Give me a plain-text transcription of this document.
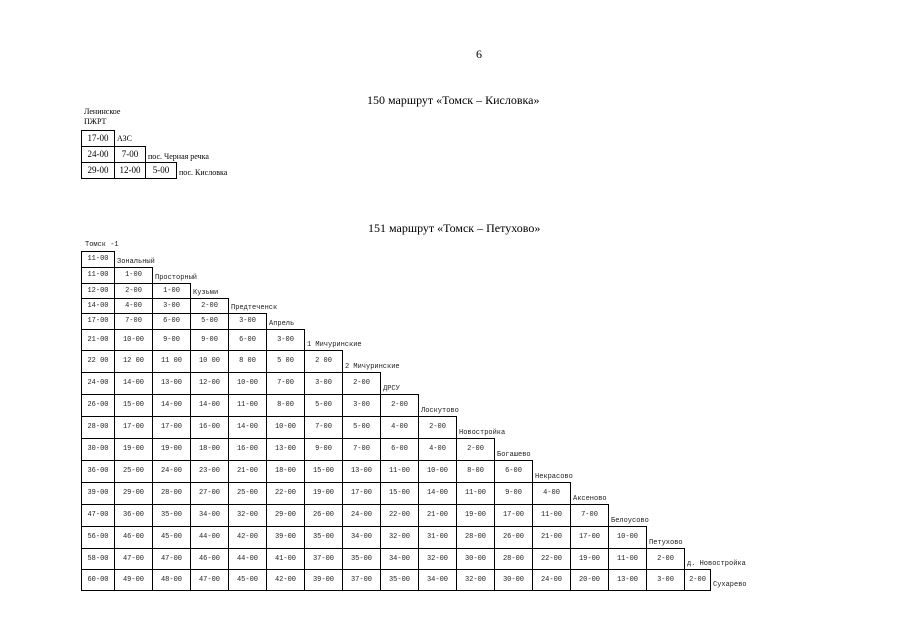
6
150 маршрут «Томск – Кисловка»
Ленинское
ПЖРТ
17-00	АЗС
24-00	7-00	пос. Черная речка
29-00	12-00	5-00	пос. Кисловка
151 маршрут «Томск – Петухово»
Томск -1
11-00	Зональный
11-00	1-00	Просторный
12-00	2-00	1-00	Кузьми
14-00	4-00	3-00	2-00	Предтеченск
17-00	7-00	6-00	5-00	3-00	Апрель
21-00	10-00	9-00	9-00	6-00	3-00
1 Мичуринские
22 00	12 00	11 00	10 00	8 00	5 00	2 00
2 Мичуринские
24-00	14-00	13-00	12-00	10-00	7-00	3-00	2-00
ДРСУ
26-00	15-00	14-00	14-00	11-00	8-00	5-00	3-00	2-00
Лоскутово
28-00	17-00	17-00	16-00	14-00	10-00	7-00	5-00	4-00	2-00
Новостройка
30-00	19-00	19-00	18-00	16-00	13-00	9-00	7-00	6-00	4-00	2-00
Богашево
36-00	25-00	24-00	23-00	21-00	18-00	15-00	13-00	11-00	10-00	8-00	6-00
Некрасово
39-00	29-00	28-00	27-00	25-00	22-00	19-00	17-00	15-00	14-00	11-00	9-00	4-00
Аксеново
47-00	36-00	35-00	34-00	32-00	29-00	26-00	24-00	22-00	21-00	19-00	17-00	11-00	7-00
Белоусово
56-00	46-00	45-00	44-00	42-00	39-00	35-00	34-00	32-00	31-00	28-00	26-00	21-00	17-00	10-00
Петухово
58-00	47-00	47-00	46-00	44-00	41-00	37-00	35-00	34-00	32-00	30-00	28-00	22-00	19-00	11-00	2-00
д. Новостройка
60-00	49-00	48-00	47-00	45-00	42-00	39-00	37-00	35-00	34-00	32-00	30-00	24-00	20-00	13-00	3-00	2-00
Сухарево
